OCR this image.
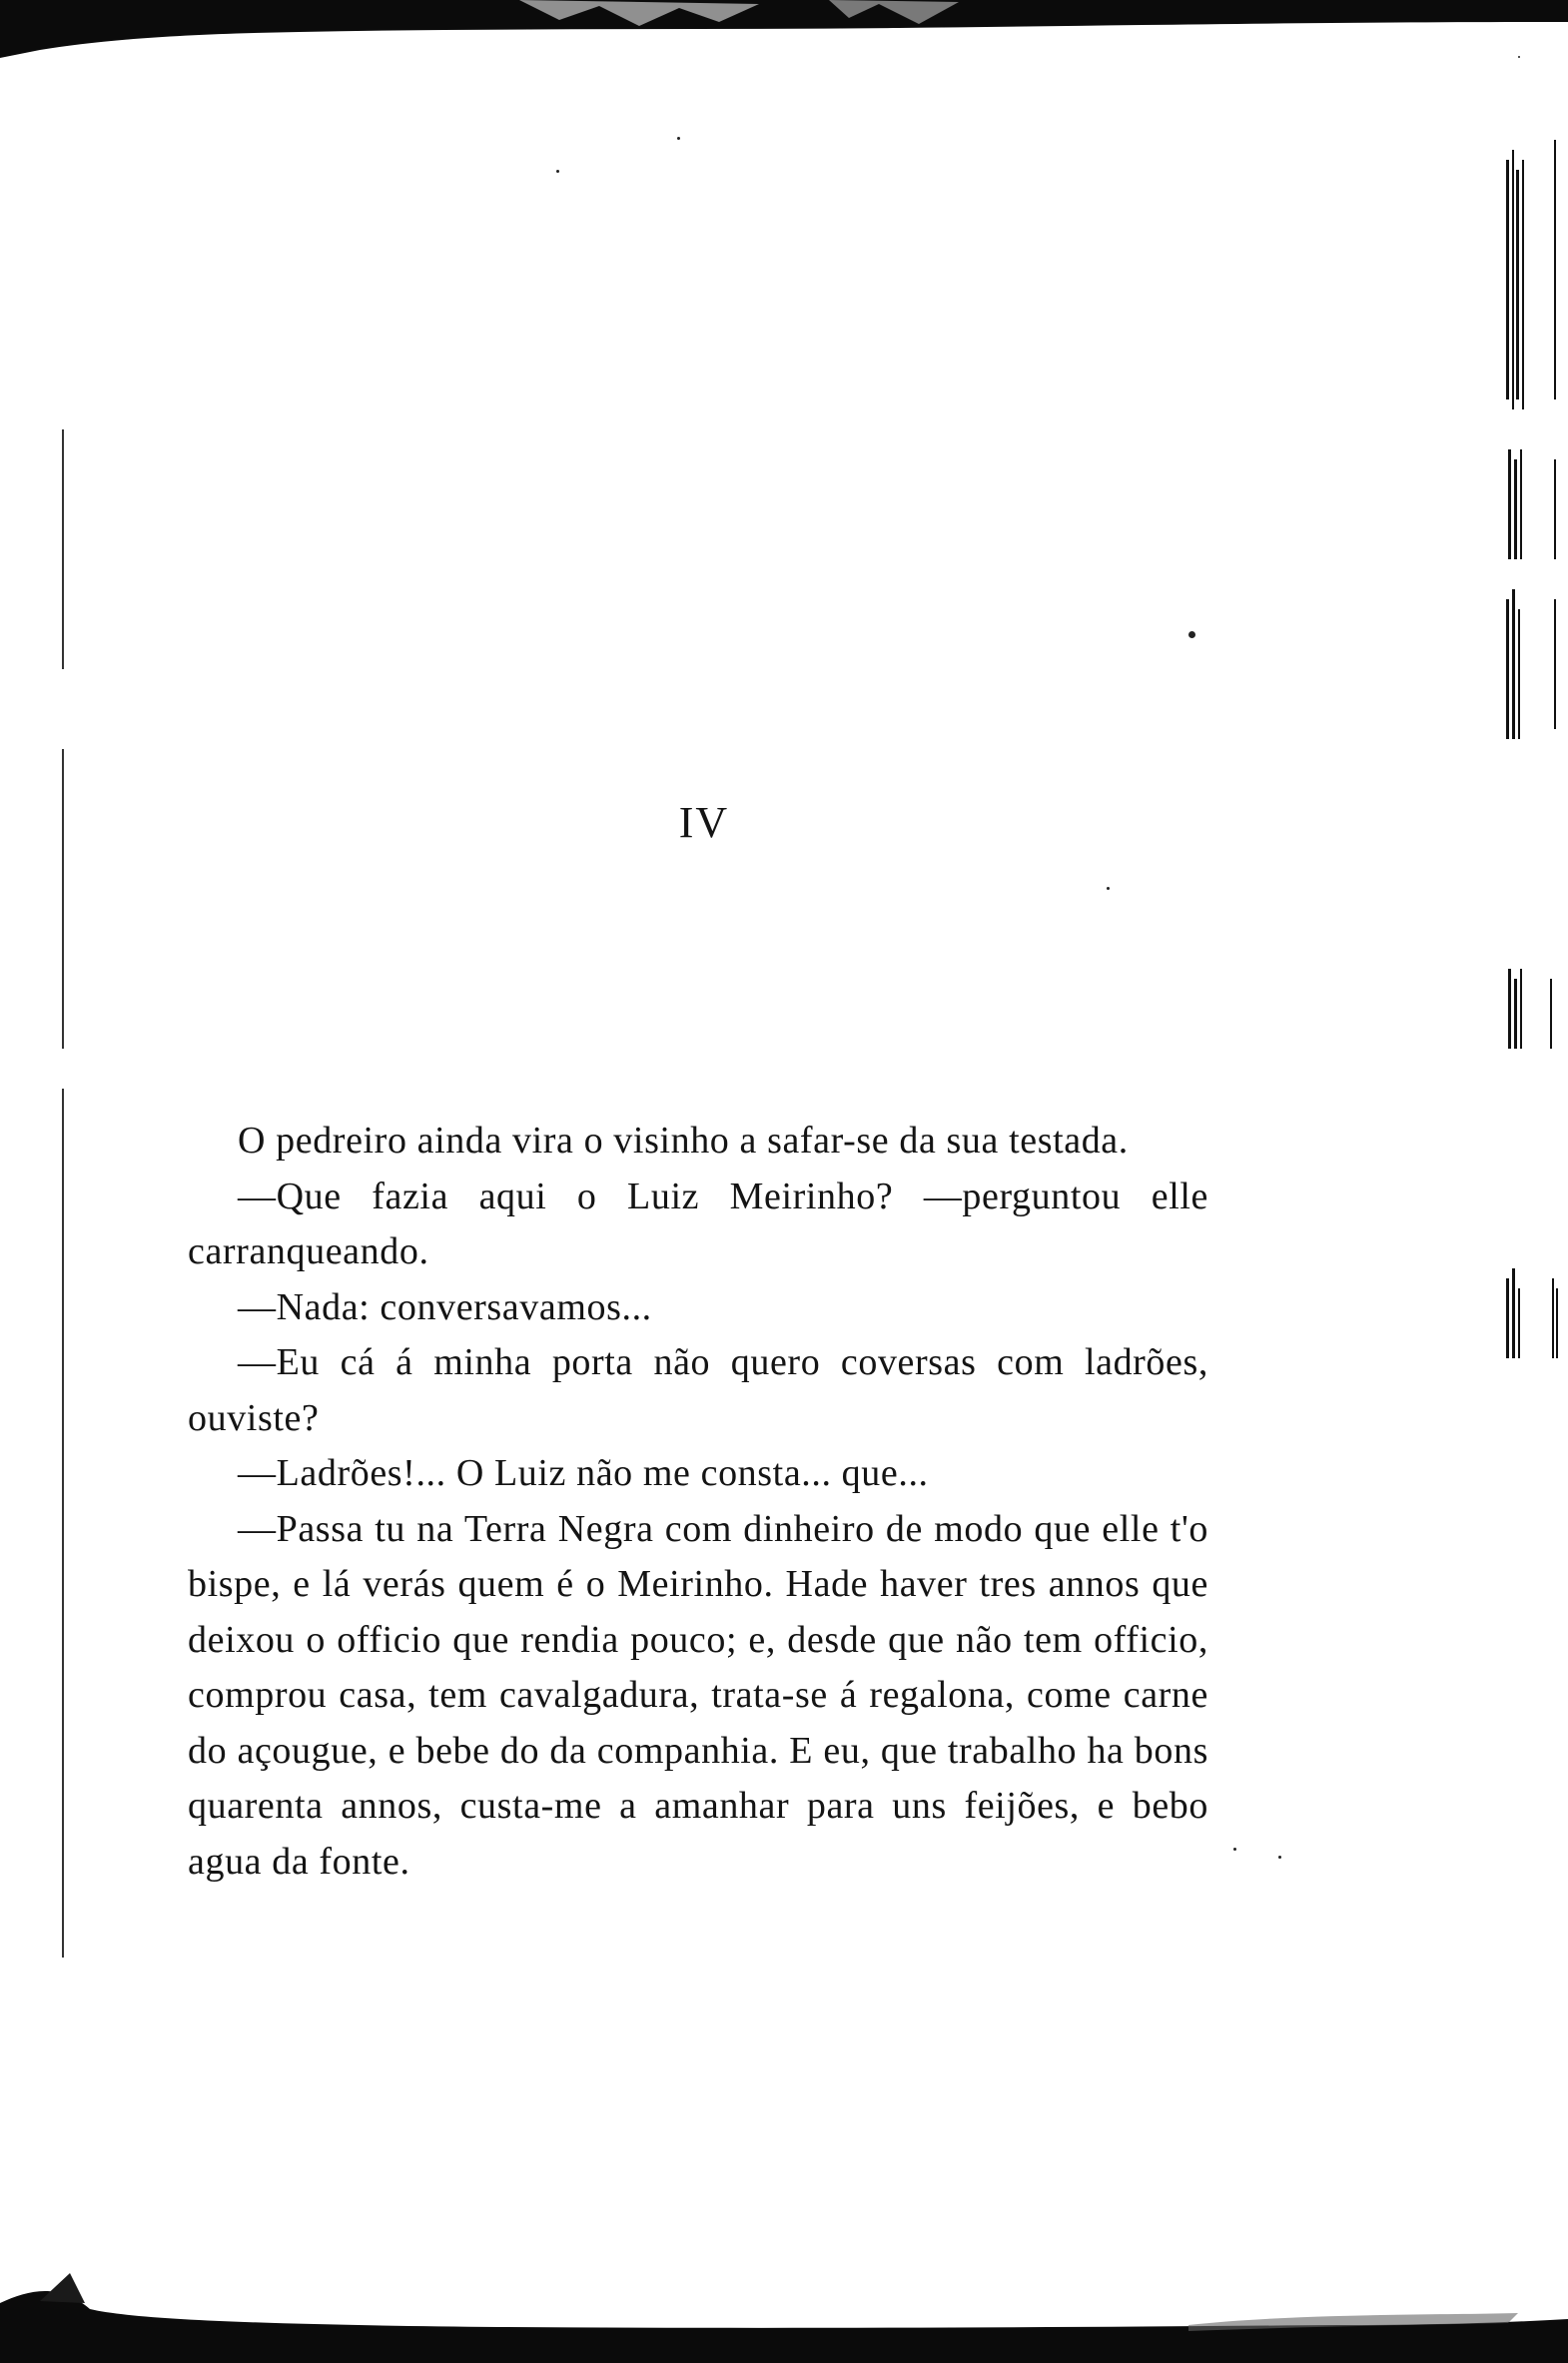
IV

O pedreiro ainda vira o visinho a safar-se da sua testada.

—Que fazia aqui o Luiz Meirinho? —perguntou elle carranqueando.

—Nada: conversavamos...

—Eu cá á minha porta não quero coversas com ladrões, ouviste?

—Ladrões!... O Luiz não me consta... que...

—Passa tu na Terra Negra com dinheiro de modo que elle t'o bispe, e lá verás quem é o Meirinho. Hade haver tres annos que deixou o officio que rendia pouco; e, desde que não tem officio, comprou casa, tem cavalgadura, trata-se á regalona, come carne do açougue, e bebe do da companhia. E eu, que trabalho ha bons quarenta annos, custa-me a amanhar para uns feijões, e bebo agua da fonte.
